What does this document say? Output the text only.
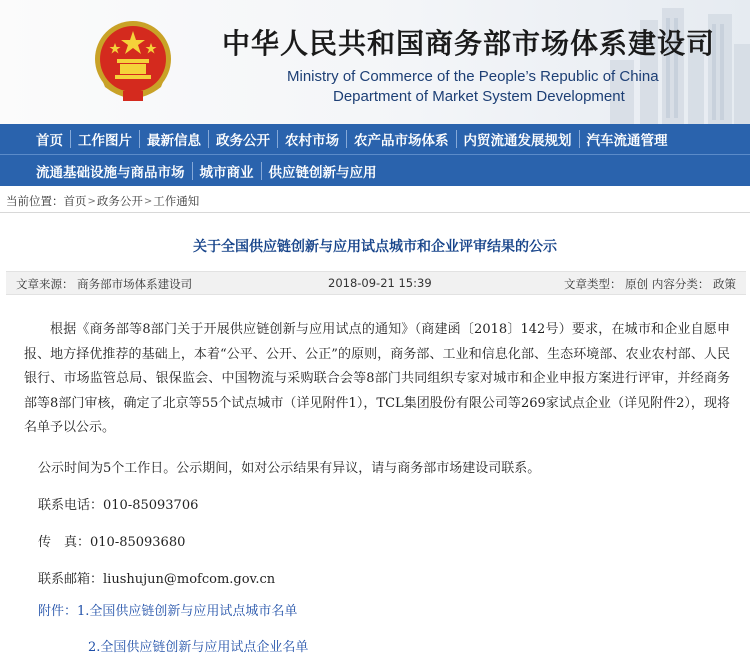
中华人民共和国商务部市场体系建设司
Ministry of Commerce of the People’s Republic of China
Department of Market System Development
首页 工作图片 最新信息 政务公开 农村市场 农产品市场体系 内贸流通发展规划 汽车流通管理
流通基础设施与商品市场 城市商业 供应链创新与应用
当前位置： 首页 > 政务公开 > 工作通知
关于全国供应链创新与应用试点城市和企业评审结果的公示
文章来源： 商务部市场体系建设司	2018-09-21 15:39	文章类型： 原创 内容分类： 政策

根据《商务部等8部门关于开展供应链创新与应用试点的通知》（商建函〔2018〕142号）要求，在城市和企业自愿申报、地方择优推荐的基础上，本着“公平、公开、公正”的原则，商务部、工业和信息化部、生态环境部、农业农村部、人民银行、市场监管总局、银保监会、中国物流与采购联合会等8部门共同组织专家对城市和企业申报方案进行评审，并经商务部等8部门审核，确定了北京等55个试点城市（详见附件1），TCL集团股份有限公司等269家试点企业（详见附件2），现将名单予以公示。

公示时间为5个工作日。公示期间，如对公示结果有异议，请与商务部市场建设司联系。
联系电话：010-85093706
传　真：010-85093680
联系邮箱：liushujun@mofcom.gov.cn
附件：1.全国供应链创新与应用试点城市名单
2.全国供应链创新与应用试点企业名单
